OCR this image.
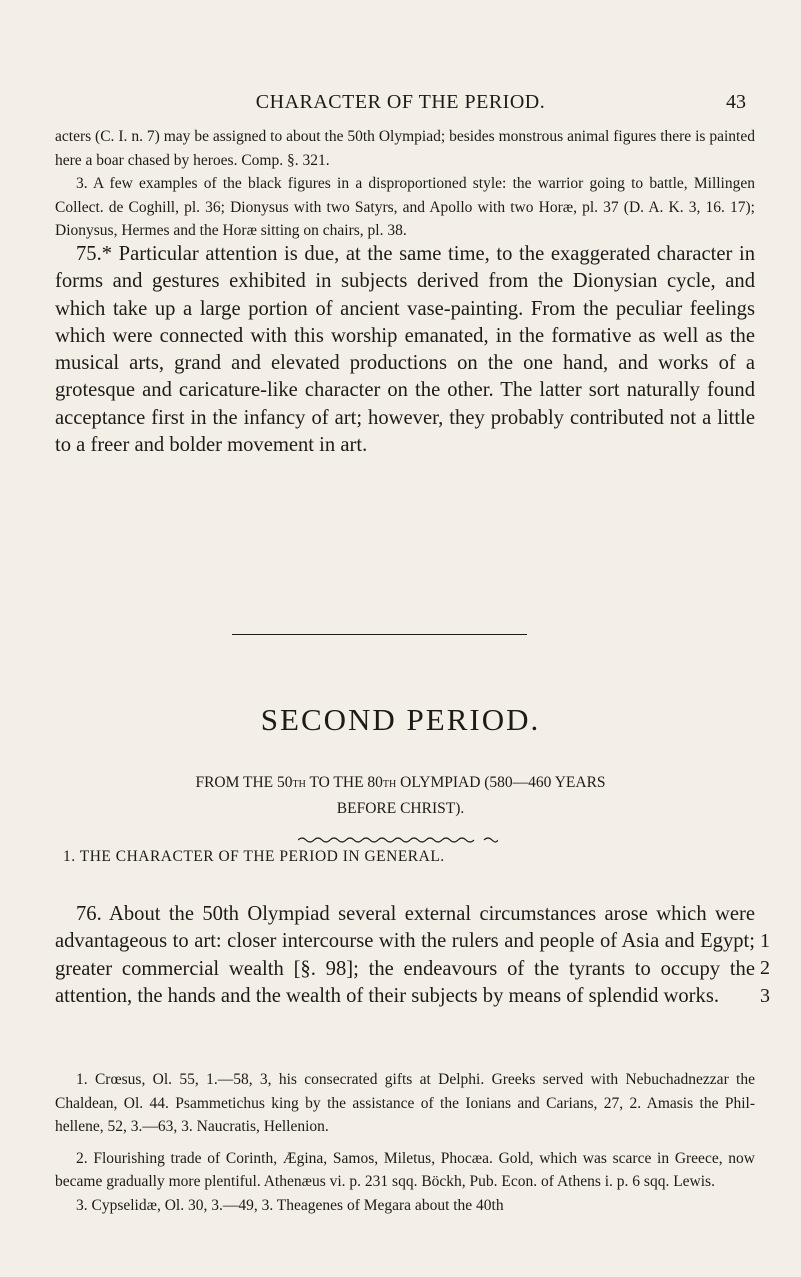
CHARACTER OF THE PERIOD.	43

acters (C. I. n. 7) may be assigned to about the 50th Olympiad; besides monstrous animal figures there is painted here a boar chased by heroes. Comp. §. 321.

3. A few examples of the black figures in a disproportioned style: the warrior going to battle, Millingen Collect. de Coghill, pl. 36; Dionysus with two Satyrs, and Apollo with two Horæ, pl. 37 (D. A. K. 3, 16. 17); Dionysus, Hermes and the Horæ sitting on chairs, pl. 38.

75.* Particular attention is due, at the same time, to the exaggerated character in forms and gestures exhibited in subjects derived from the Dionysian cycle, and which take up a large portion of ancient vase-painting. From the peculiar feelings which were connected with this worship emanated, in the formative as well as the musical arts, grand and elevated productions on the one hand, and works of a grotesque and caricature-like character on the other. The latter sort naturally found acceptance first in the infancy of art; however, they probably contributed not a little to a freer and bolder movement in art.

SECOND PERIOD.
FROM THE 50TH TO THE 80TH OLYMPIAD (580—460 YEARS
BEFORE CHRIST).
1. THE CHARACTER OF THE PERIOD IN GENERAL.

76. About the 50th Olympiad several external circumstances arose which were advantageous to art: closer intercourse with the rulers and people of Asia and Egypt; greater commercial wealth [§. 98]; the endeavours of the tyrants to occupy the attention, the hands and the wealth of their subjects by means of splendid works.

1
2
3

1. Crœsus, Ol. 55, 1.—58, 3, his consecrated gifts at Delphi. Greeks served with Nebuchadnezzar the Chaldean, Ol. 44. Psammetichus king by the assistance of the Ionians and Carians, 27, 2. Amasis the Phil-hellene, 52, 3.—63, 3. Naucratis, Hellenion.

2. Flourishing trade of Corinth, Ægina, Samos, Miletus, Phocæa. Gold, which was scarce in Greece, now became gradually more plentiful. Athenæus vi. p. 231 sqq. Böckh, Pub. Econ. of Athens i. p. 6 sqq. Lewis.

3. Cypselidæ, Ol. 30, 3.—49, 3. Theagenes of Megara about the 40th
